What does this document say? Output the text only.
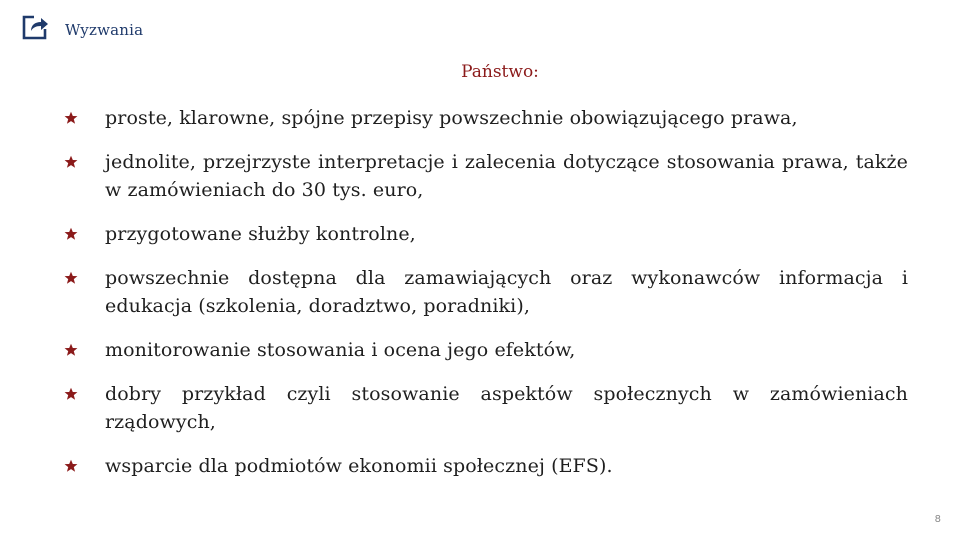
Wyzwania
Państwo:
proste, klarowne, spójne przepisy powszechnie obowiązującego prawa,
jednolite, przejrzyste interpretacje i zalecenia dotyczące stosowania prawa, także w zamówieniach do 30 tys. euro,
przygotowane służby kontrolne,
powszechnie dostępna dla zamawiających oraz wykonawców informacja i edukacja (szkolenia, doradztwo, poradniki),
monitorowanie stosowania i ocena jego efektów,
dobry przykład czyli stosowanie aspektów społecznych w zamówieniach rządowych,
wsparcie dla podmiotów ekonomii społecznej (EFS).
8
